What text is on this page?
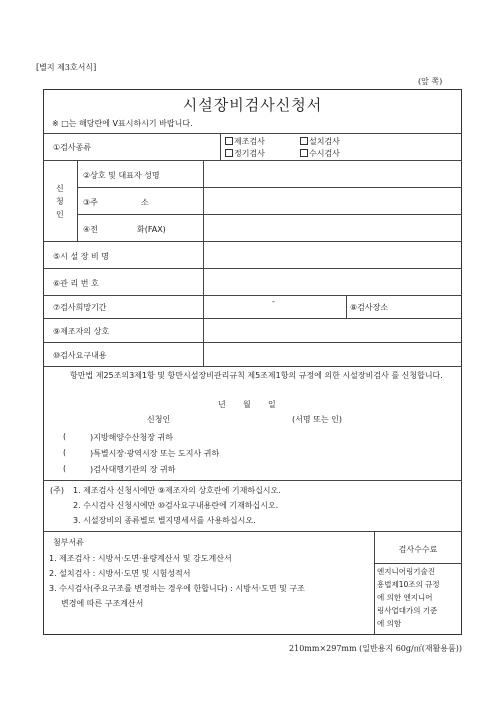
[별지 제3호서식]
(앞 쪽)
시설장비검사신청서
※ □는 해당란에 V표시하시기 바랍니다.
①검사종류
제조검사	설치검사
정기검사	수시검사
신
청
인
②상호 및 대표자 성명
③주	소
④전	화(FAX)
⑤시 설 장 비 명
⑥관 리 번 호
⑦검사희망기간
-
⑧검사장소
⑨제조자의 상호
⑩검사요구내용
항만법 제25조의3제1항 및 항만시설장비관리규칙 제5조제1항의 규정에 의한 시설장비검사 를 신청합니다.
년 월 일
신청인	(서명 또는 인)
(	)지방해양수산청장 귀하
(	)특별시장·광역시장 또는 도지사 귀하
(	)검사대행기관의 장 귀하
(주) 1. 제조검사 신청시에만 ⑨제조자의 상호란에 기재하십시오.
2. 수시검사 신청시에만 ⑩검사요구내용란에 기재하십시오.
3. 시설장비의 종류별로 별지명세서를 사용하십시오.
첨부서류
1. 제조검사 : 시방서·도면·용량계산서 및 강도계산서
2. 설치검사 : 시방서·도면 및 시험성적서
3. 수시검사(주요구조를 변경하는 경우에 한합니다) : 시방서·도면 및 구조
변경에 따른 구조계산서
검사수수료
엔지니어링기술진
흥법제10조의 규정
에 의한 엔지니어
링사업대가의 기준
에 의함
210mm×297mm (일반용지 60g/㎡(재활용품))
